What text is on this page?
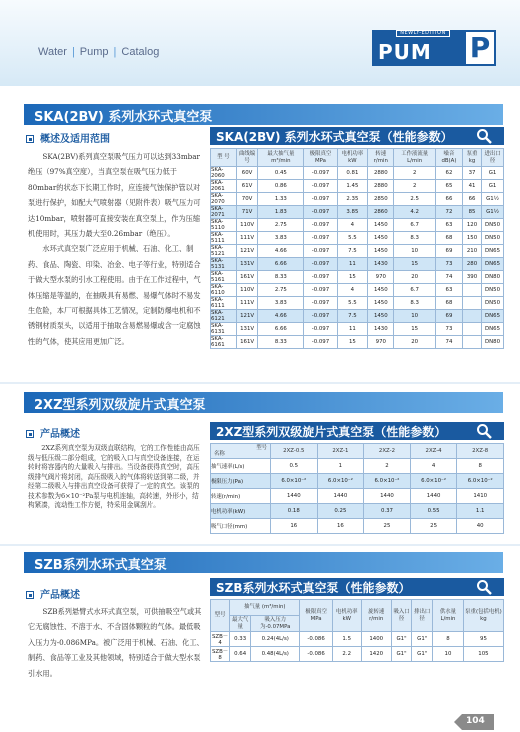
Water | Pump | Catalog
NEWLY-EDITION
PUM P
SKA(2BV) 系列水环式真空泵
概述及适用范围

SKA(2BV)系列真空泵吸气压力可以达到33mbar绝压（97%真空度），当真空泵在吸气压力低于80mbar的状态下长期工作时，应连接气蚀保护管以对泵进行保护，如配大气喷射器（见附件表）吸气压力可达10mbar，喷射器可直接安装在真空泵上，作为压缩机使用时，其压力最大至0.26mbar（绝压）。

水环式真空泵广泛应用于机械、石油、化工、制药、食品、陶瓷、印染、冶金、电子等行业，特别适合于做大型水泵的引水工程使用。由于在工作过程中，气体压缩是等温的，在抽吸具有易燃、易爆气体时不易发生危险，本厂可根据具体工艺情况，定制防爆电机和不锈钢材质泵头，以适用于抽取含易燃易爆或含一定腐蚀性的气体，使其应用更加广泛。

SKA(2BV) 系列水环式真空泵（性能参数）
型 号	曲线编号	最大抽气量 m³/min	极限真空 MPa	电机功率 kW	转速 r/min	工作液流量 L/min	噪音 dB(A)	泵重 kg	进出口径
SKA-2060	60V	0.45	-0.097	0.81	2880	2	62	37	G1
SKA-2061	61V	0.86	-0.097	1.45	2880	2	65	41	G1
SKA-2070	70V	1.33	-0.097	2.35	2850	2.5	66	66	G1½
SKA-2071	71V	1.83	-0.097	3.85	2860	4.2	72	85	G1½
SKA-5110	110V	2.75	-0.097	4	1450	6.7	63	120	DN50
SKA-5111	111V	3.83	-0.097	5.5	1450	8.3	68	150	DN50
SKA-5121	121V	4.66	-0.097	7.5	1450	10	69	210	DN65
SKA-5131	131V	6.66	-0.097	11	1430	15	73	280	DN65
SKA-5161	161V	8.33	-0.097	15	970	20	74	390	DN80
SKA-6110	110V	2.75	-0.097	4	1450	6.7	63		DN50
SKA-6111	111V	3.83	-0.097	5.5	1450	8.3	68		DN50
SKA-6121	121V	4.66	-0.097	7.5	1450	10	69		DN65
SKA-6131	131V	6.66	-0.097	11	1430	15	73		DN65
SKA-6161	161V	8.33	-0.097	15	970	20	74		DN80
2XZ型系列双级旋片式真空泵
产品概述

2XZ系列真空泵为双级直联结构，它的工作性能由高压级与低压级二部分组成，它的吸入口与真空设备连接，在运转时将容器内的大量吸入与排出。当设备获得真空时，高压级排气阀片将封闭，高压级吸入的气体将转送到第二级，并经第二级吸入与排出真空设备可获得了一定的真空。该泵的技术参数为6×10⁻²Pa泵与电机连轴，高转速，外形小，结构紧凑，流动性工作方便，特采用金属刮片。

2XZ型系列双级旋片式真空泵（性能参数）
型号

名称	2XZ-0.5	2XZ-1	2XZ-2	2XZ-4	2XZ-8
抽气速率(L/s)	0.5	1	2	4	8
极限压力(Pa)	6.0×10⁻²	6.0×10⁻²	6.0×10⁻²	6.0×10⁻²	6.0×10⁻²
转速(r/min)	1440	1440	1440	1440	1410
电机功率(kW)	0.18	0.25	0.37	0.55	1.1
吸气口径(mm)	16	16	25	25	40
SZB系列水环式真空泵
产品概述

SZB系列悬臂式水环式真空泵，可供抽吸空气或其它无腐蚀性、不溶于水、不含固体颗粒的气体。最低吸入压力为-0.086MPa。被广泛用于机械、石油、化工、制药、食品等工业及其他领域，特别适合于做大型水泵引水用。

SZB系列水环式真空泵（性能参数）
型号	抽气量 (m³/min)		极限真空 MPa	电机功率 kW	旋转速 r/min	吸入口径	排出口径	供水量 L/min	泵重(包括电机) kg
	最大气量	吸入压力为-0.07MPa							
SZB－4	0.33	0.24(4L/s)	-0.086	1.5	1400	G1"	G1"	8	95
SZB－8	0.64	0.48(4L/s)	-0.086	2.2	1420	G1"	G1"	10	105
104
